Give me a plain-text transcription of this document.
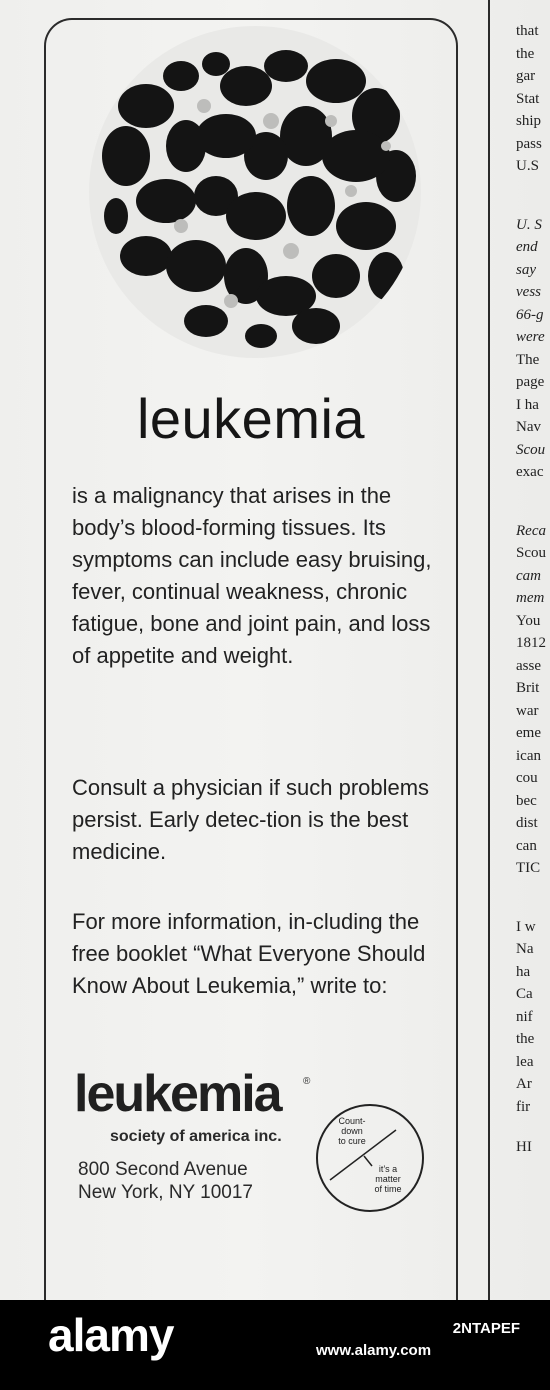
leukemia

is a malignancy that arises in the body’s blood-forming tissues. Its symptoms can include easy bruising, fever, continual weakness, chronic fatigue, bone and joint pain, and loss of appetite and weight.

Consult a physician if such problems persist. Early detec-tion is the best medicine.

For more information, in-cluding the free booklet “What Everyone Should Know About Leukemia,” write to:

leukemia ®
society of america inc.

800 Second Avenue
New York, NY 10017

Count-
down
to cure
it’s a
matter
of time
that
the
gar
Stat
ship
pass
U.S
U. S
end
say
vess
66-g
were
The
page
I ha
Nav
Scou
exac
Reca
Scou
cam
mem
You
1812
asse
Brit
war
eme
ican
cou
bec
dist
can
TIC
I w
Na
ha
Ca
nif
the
lea
Ar
fir
HI
alamy	www.alamy.com
2NTAPEF
